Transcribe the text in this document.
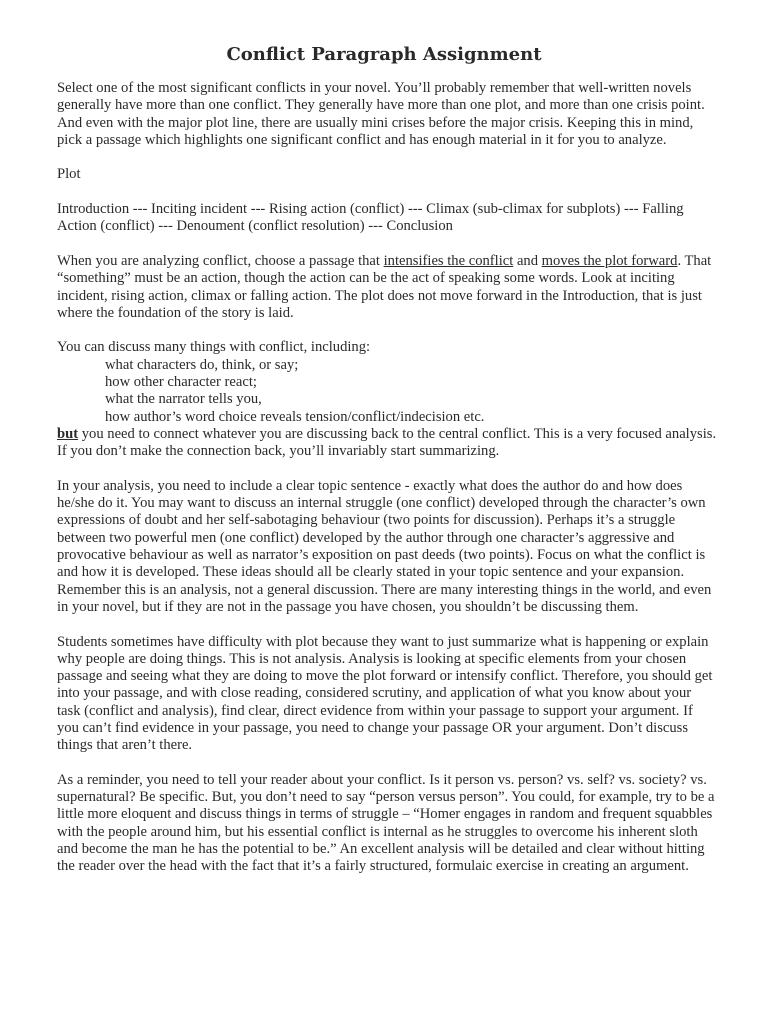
Conflict Paragraph Assignment

Select one of the most significant conflicts in your novel. You’ll probably remember that well-written novels generally have more than one conflict. They generally have more than one plot, and more than one crisis point. And even with the major plot line, there are usually mini crises before the major crisis. Keeping this in mind, pick a passage which highlights one significant conflict and has enough material in it for you to analyze.

Plot

Introduction --- Inciting incident --- Rising action (conflict) --- Climax (sub-climax for subplots) --- Falling Action (conflict) --- Denoument (conflict resolution) --- Conclusion

When you are analyzing conflict, choose a passage that intensifies the conflict and moves the plot forward. That “something” must be an action, though the action can be the act of speaking some words. Look at inciting incident, rising action, climax or falling action. The plot does not move forward in the Introduction, that is just where the foundation of the story is laid.

You can discuss many things with conflict, including:
what characters do, think, or say;
how other character react;
what the narrator tells you,
how author’s word choice reveals tension/conflict/indecision etc.
but you need to connect whatever you are discussing back to the central conflict. This is a very focused analysis. If you don’t make the connection back, you’ll invariably start summarizing.

In your analysis, you need to include a clear topic sentence - exactly what does the author do and how does he/she do it. You may want to discuss an internal struggle (one conflict) developed through the character’s own expressions of doubt and her self-sabotaging behaviour (two points for discussion). Perhaps it’s a struggle between two powerful men (one conflict) developed by the author through one character’s aggressive and provocative behaviour as well as narrator’s exposition on past deeds (two points). Focus on what the conflict is and how it is developed. These ideas should all be clearly stated in your topic sentence and your expansion. Remember this is an analysis, not a general discussion. There are many interesting things in the world, and even in your novel, but if they are not in the passage you have chosen, you shouldn’t be discussing them.

Students sometimes have difficulty with plot because they want to just summarize what is happening or explain why people are doing things. This is not analysis. Analysis is looking at specific elements from your chosen passage and seeing what they are doing to move the plot forward or intensify conflict. Therefore, you should get into your passage, and with close reading, considered scrutiny, and application of what you know about your task (conflict and analysis), find clear, direct evidence from within your passage to support your argument. If you can’t find evidence in your passage, you need to change your passage OR your argument. Don’t discuss things that aren’t there.

As a reminder, you need to tell your reader about your conflict. Is it person vs. person? vs. self? vs. society? vs. supernatural? Be specific. But, you don’t need to say “person versus person”. You could, for example, try to be a little more eloquent and discuss things in terms of struggle – “Homer engages in random and frequent squabbles with the people around him, but his essential conflict is internal as he struggles to overcome his inherent sloth and become the man he has the potential to be.” An excellent analysis will be detailed and clear without hitting the reader over the head with the fact that it’s a fairly structured, formulaic exercise in creating an argument.
